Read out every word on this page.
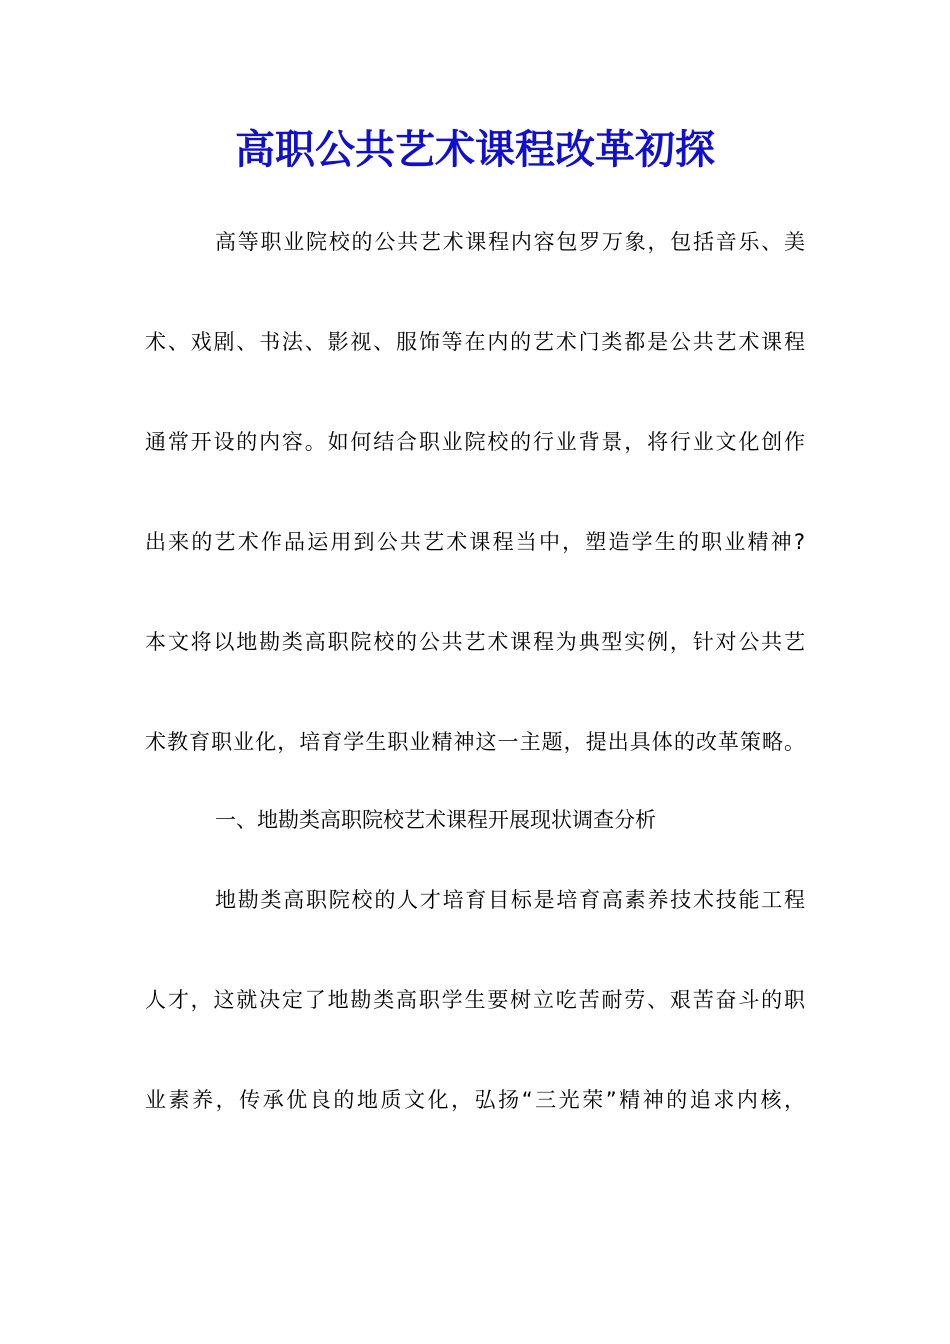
高职公共艺术课程改革初探
高等职业院校的公共艺术课程内容包罗万象，包括音乐、美
术、戏剧、书法、影视、服饰等在内的艺术门类都是公共艺术课程
通常开设的内容。如何结合职业院校的行业背景，将行业文化创作
出来的艺术作品运用到公共艺术课程当中，塑造学生的职业精神?
本文将以地勘类高职院校的公共艺术课程为典型实例，针对公共艺
术教育职业化，培育学生职业精神这一主题，提出具体的改革策略。
一、地勘类高职院校艺术课程开展现状调查分析
地勘类高职院校的人才培育目标是培育高素养技术技能工程
人才，这就决定了地勘类高职学生要树立吃苦耐劳、艰苦奋斗的职
业素养，传承优良的地质文化，弘扬“三光荣”精神的追求内核，
